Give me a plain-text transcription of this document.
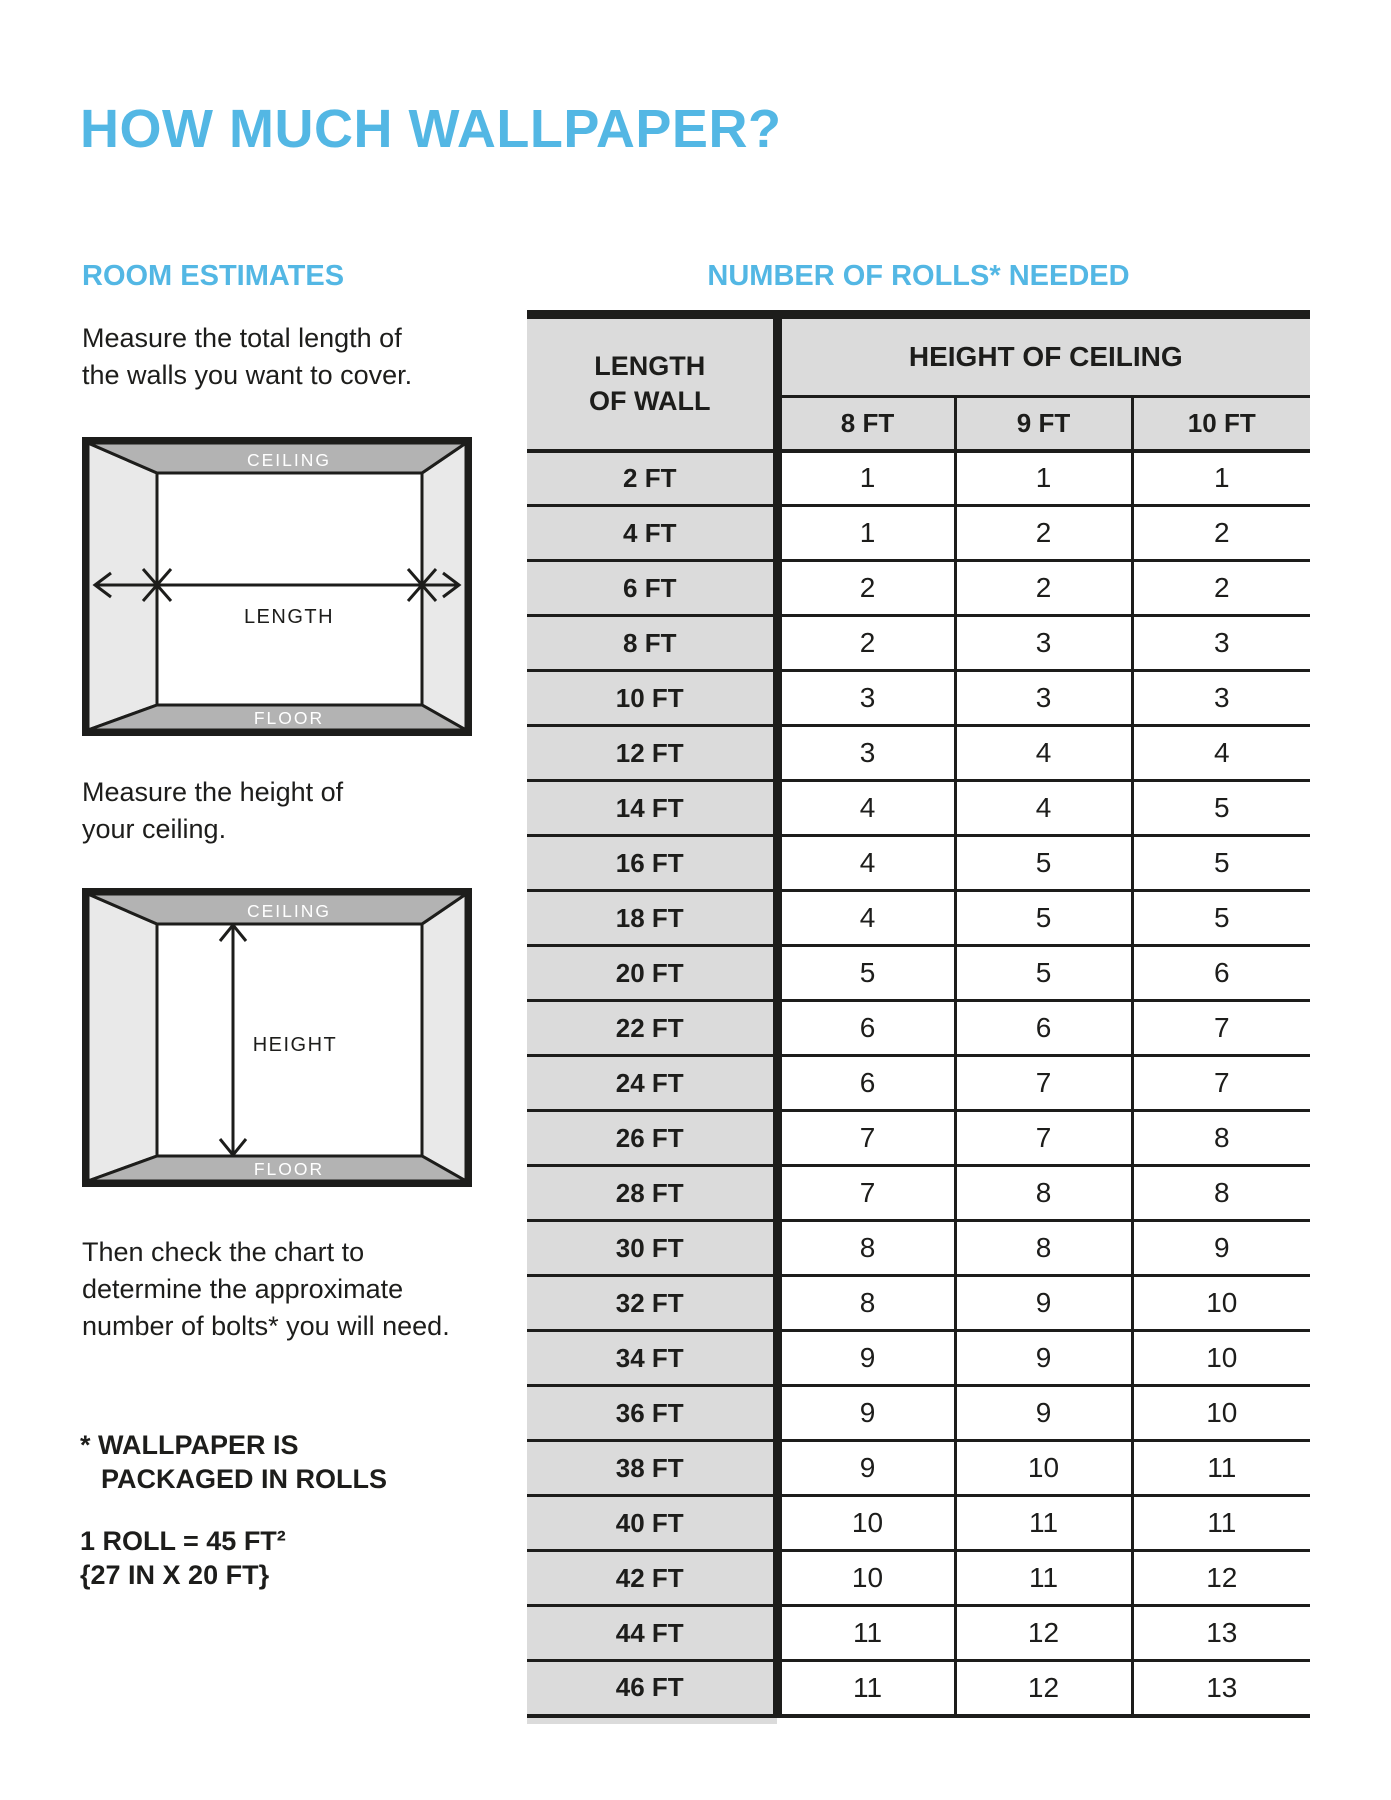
HOW MUCH WALLPAPER?
ROOM ESTIMATES	NUMBER OF ROLLS* NEEDED

Measure the total length of
the walls you want to cover.

CEILING
FLOOR
LENGTH

Measure the height of
your ceiling.

CEILING
FLOOR
HEIGHT

Then check the chart to
determine the approximate
number of bolts* you will need.

* WALLPAPER IS
PACKAGED IN ROLLS
1 ROLL = 45 FT²
{27 IN X 20 FT}
LENGTH
OF WALL	HEIGHT OF CEILING		
	8 FT	9 FT	10 FT
2 FT	1	1	1
4 FT	1	2	2
6 FT	2	2	2
8 FT	2	3	3
10 FT	3	3	3
12 FT	3	4	4
14 FT	4	4	5
16 FT	4	5	5
18 FT	4	5	5
20 FT	5	5	6
22 FT	6	6	7
24 FT	6	7	7
26 FT	7	7	8
28 FT	7	8	8
30 FT	8	8	9
32 FT	8	9	10
34 FT	9	9	10
36 FT	9	9	10
38 FT	9	10	11
40 FT	10	11	11
42 FT	10	11	12
44 FT	11	12	13
46 FT	11	12	13
